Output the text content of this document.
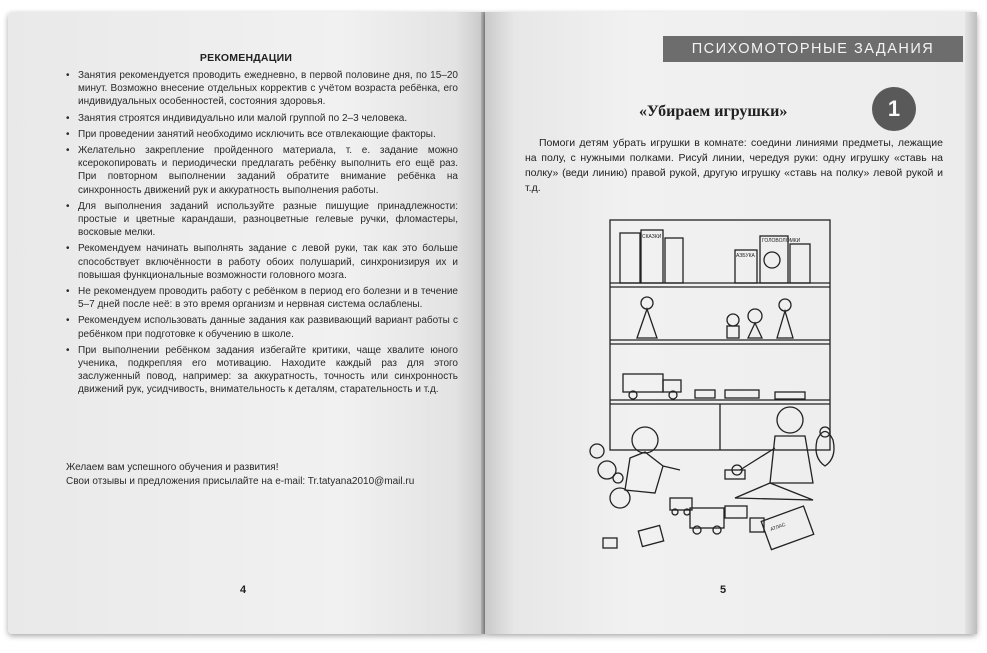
РЕКОМЕНДАЦИИ
• Занятия рекомендуется проводить ежедневно, в первой половине дня, по 15–20 минут. Возможно внесение отдельных корректив с учётом возраста ребёнка, его индивидуальных особенностей, состояния здоровья.
• Занятия строятся индивидуально или малой группой по 2–3 человека.
• При проведении занятий необходимо исключить все отвлекающие факторы.
• Желательно закрепление пройденного материала, т. е. задание можно ксерокопировать и периодически предлагать ребёнку выполнить его ещё раз. При повторном выполнении заданий обратите внимание ребёнка на синхронность движений рук и аккуратность выполнения работы.
• Для выполнения заданий используйте разные пишущие принадлежности: простые и цветные карандаши, разноцветные гелевые ручки, фломастеры, восковые мелки.
• Рекомендуем начинать выполнять задание с левой руки, так как это больше способствует включённости в работу обоих полушарий, синхронизируя их и повышая функциональные возможности головного мозга.
• Не рекомендуем проводить работу с ребёнком в период его болезни и в течение 5–7 дней после неё: в это время организм и нервная система ослаблены.
• Рекомендуем использовать данные задания как развивающий вариант работы с ребёнком при подготовке к обучению в школе.
• При выполнении ребёнком задания избегайте критики, чаще хвалите юного ученика, подкрепляя его мотивацию. Находите каждый раз для этого заслуженный повод, например: за аккуратность, точность или синхронность движений рук, усидчивость, внимательность к деталям, старательность и т.д.
Желаем вам успешного обучения и развития!
Свои отзывы и предложения присылайте на e-mail: Tr.tatyana2010@mail.ru
4
ПСИХОМОТОРНЫЕ ЗАДАНИЯ
«Убираем игрушки»	1
Помоги детям убрать игрушки в комнате: соедини линиями предметы, лежащие на полу, с нужными полками. Рисуй линии, чередуя руки: одну игрушку «ставь на полку» (веди линию) правой рукой, другую игрушку «ставь на полку» левой рукой и т.д.
СКАЗКИ
АЗБУКА
ГОЛОВОЛОМКИ
АТЛАС
5
